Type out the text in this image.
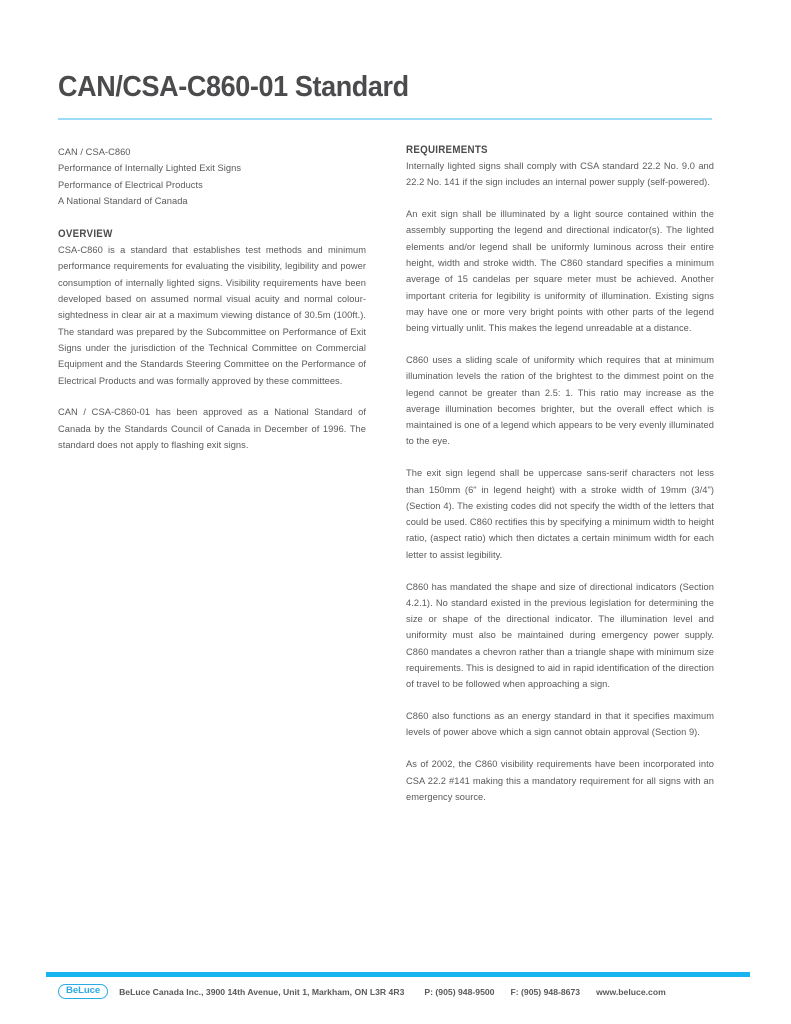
CAN/CSA-C860-01 Standard

CAN / CSA-C860

Performance of Internally Lighted Exit Signs

Performance of Electrical Products

A National Standard of Canada

OVERVIEW

CSA-C860 is a standard that establishes test methods and minimum performance requirements for evaluating the visibility, legibility and power consumption of internally lighted signs. Visibility requirements have been developed based on assumed normal visual acuity and normal colour-sightedness in clear air at a maximum viewing distance of 30.5m (100ft.). The standard was prepared by the Subcommittee on Performance of Exit Signs under the jurisdiction of the Technical Committee on Commercial Equipment and the Standards Steering Committee on the Performance of Electrical Products and was formally approved by these committees.

CAN / CSA-C860-01 has been approved as a National Standard of Canada by the Standards Council of Canada in December of 1996. The standard does not apply to flashing exit signs.

REQUIREMENTS

Internally lighted signs shall comply with CSA standard 22.2 No. 9.0 and 22.2 No. 141 if the sign includes an internal power supply (self-powered).

An exit sign shall be illuminated by a light source contained within the assembly supporting the legend and directional indicator(s). The lighted elements and/or legend shall be uniformly luminous across their entire height, width and stroke width. The C860 standard specifies a minimum average of 15 candelas per square meter must be achieved. Another important criteria for legibility is uniformity of illumination. Existing signs may have one or more very bright points with other parts of the legend being virtually unlit. This makes the legend unreadable at a distance.

C860 uses a sliding scale of uniformity which requires that at minimum illumination levels the ration of the brightest to the dimmest point on the legend cannot be greater than 2.5: 1. This ratio may increase as the average illumination becomes brighter, but the overall effect which is maintained is one of a legend which appears to be very evenly illuminated to the eye.

The exit sign legend shall be uppercase sans-serif characters not less than 150mm (6" in legend height) with a stroke width of 19mm (3/4") (Section 4). The existing codes did not specify the width of the letters that could be used. C860 rectifies this by specifying a minimum width to height ratio, (aspect ratio) which then dictates a certain minimum width for each letter to assist legibility.

C860 has mandated the shape and size of directional indicators (Section 4.2.1). No standard existed in the previous legislation for determining the size or shape of the directional indicator. The illumination level and uniformity must also be maintained during emergency power supply. C860 mandates a chevron rather than a triangle shape with minimum size requirements. This is designed to aid in rapid identification of the direction of travel to be followed when approaching a sign.

C860 also functions as an energy standard in that it specifies maximum levels of power above which a sign cannot obtain approval (Section 9).

As of 2002, the C860 visibility requirements have been incorporated into CSA 22.2 #141 making this a mandatory requirement for all signs with an emergency source.

BeLuce BeLuce Canada Inc., 3900 14th Avenue, Unit 1, Markham, ON L3R 4R3 P: (905) 948-9500 F: (905) 948-8673 www.beluce.com
